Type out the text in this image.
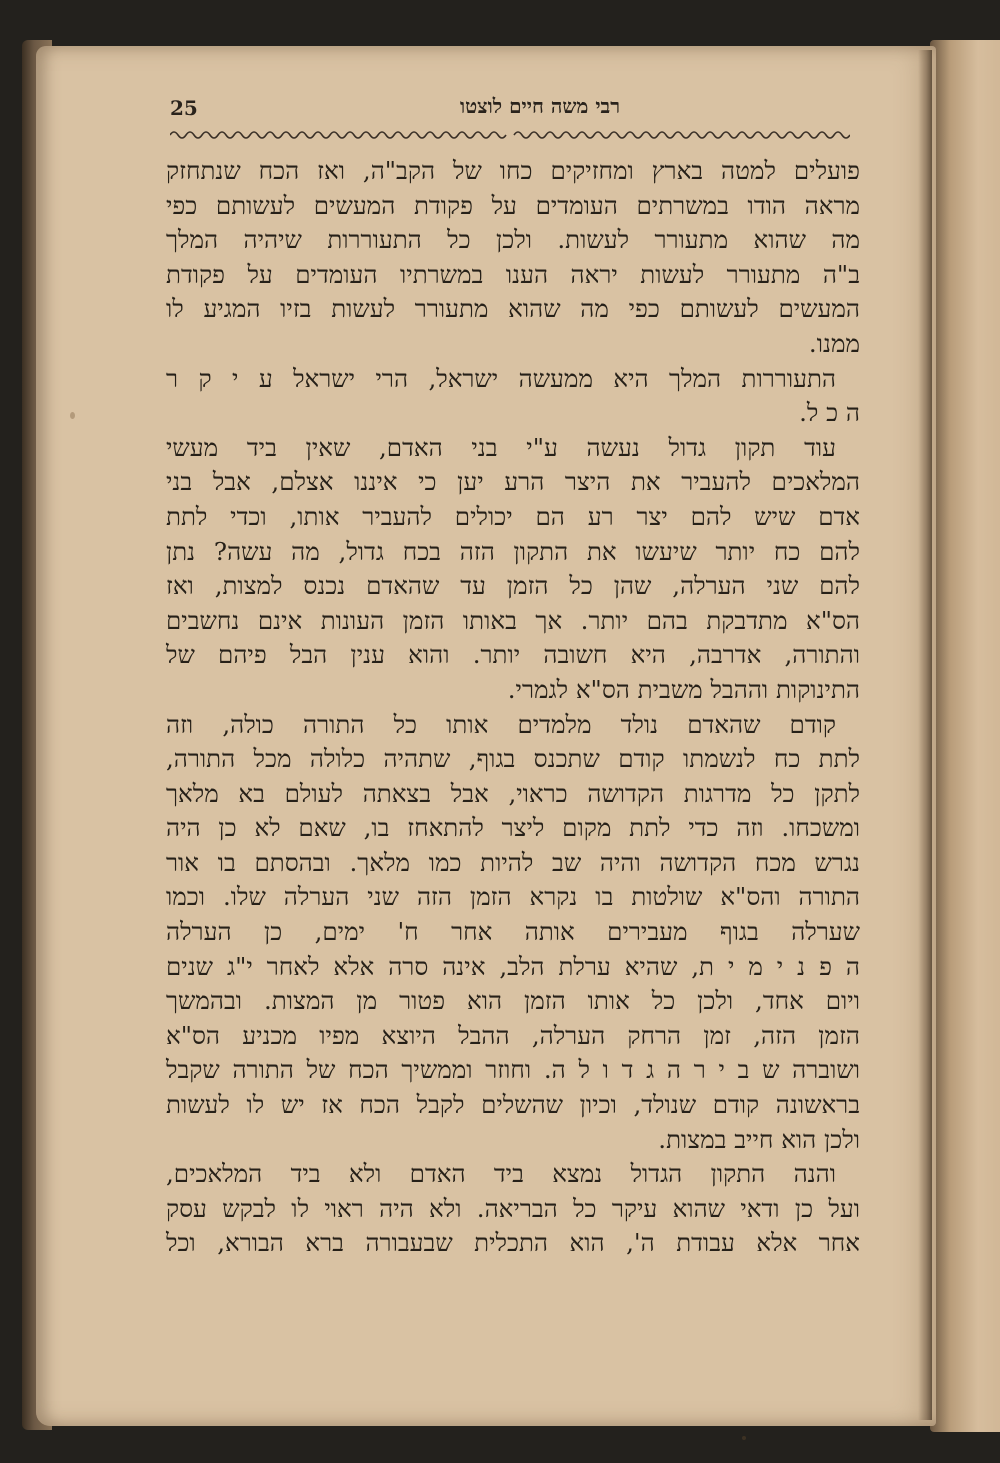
25	רבי משה חיים לוצטו
פועלים למטה בארץ ומחזיקים כחו של הקב"ה, ואז הכח שנתחזק
מראה הודו במשרתים העומדים על פקודת המעשים לעשותם כפי
מה שהוא מתעורר לעשות. ולכן כל התעוררות שיהיה המלך
ב"ה מתעורר לעשות יראה הענו במשרתיו העומדים על פקודת
המעשים לעשותם כפי מה שהוא מתעורר לעשות בזיו המגיע לו
ממנו.
התעוררות המלך היא ממעשה ישראל, הרי ישראל ע י ק ר
ה כ ל.
עוד תקון גדול נעשה ע"י בני האדם, שאין ביד מעשי
המלאכים להעביר את היצר הרע יען כי איננו אצלם, אבל בני
אדם שיש להם יצר רע הם יכולים להעביר אותו, וכדי לתת
להם כח יותר שיעשו את התקון הזה בכח גדול, מה עשה? נתן
להם שני הערלה, שהן כל הזמן עד שהאדם נכנס למצות, ואז
הס"א מתדבקת בהם יותר. אך באותו הזמן העונות אינם נחשבים
והתורה, אדרבה, היא חשובה יותר. והוא ענין הבל פיהם של
התינוקות וההבל משבית הס"א לגמרי.
קודם שהאדם נולד מלמדים אותו כל התורה כולה, וזה
לתת כח לנשמתו קודם שתכנס בגוף, שתהיה כלולה מכל התורה,
לתקן כל מדרגות הקדושה כראוי, אבל בצאתה לעולם בא מלאך
ומשכחו. וזה כדי לתת מקום ליצר להתאחז בו, שאם לא כן היה
נגרש מכח הקדושה והיה שב להיות כמו מלאך. ובהסתם בו אור
התורה והס"א שולטות בו נקרא הזמן הזה שני הערלה שלו. וכמו
שערלה בגוף מעבירים אותה אחר ח' ימים, כן הערלה
ה פ נ י מ י ת, שהיא ערלת הלב, אינה סרה אלא לאחר י"ג שנים
ויום אחד, ולכן כל אותו הזמן הוא פטור מן המצות. ובהמשך
הזמן הזה, זמן הרחק הערלה, ההבל היוצא מפיו מכניע הס"א
ושוברה ש ב י ר ה ג ד ו ל ה. וחוזר וממשיך הכח של התורה שקבל
בראשונה קודם שנולד, וכיון שהשלים לקבל הכח אז יש לו לעשות
ולכן הוא חייב במצות.
והנה התקון הגדול נמצא ביד האדם ולא ביד המלאכים,
ועל כן ודאי שהוא עיקר כל הבריאה. ולא היה ראוי לו לבקש עסק
אחר אלא עבודת ה', הוא התכלית שבעבורה ברא הבורא, וכל
